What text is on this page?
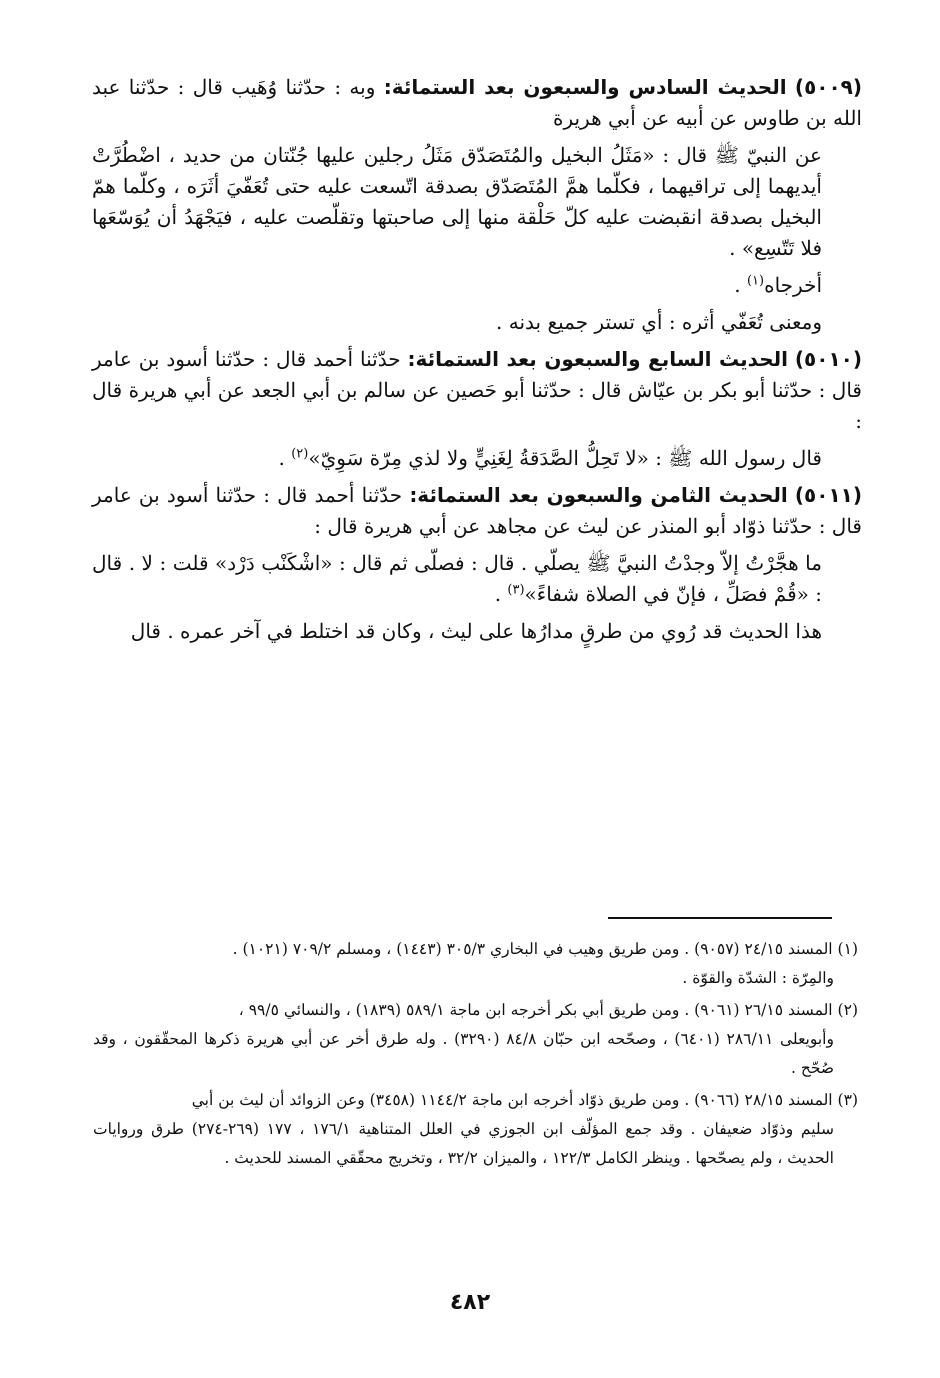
(٥٠٠٩) الحديث السادس والسبعون بعد الستمائة: وبه : حدّثنا وُهَيب قال : حدّثنا عبد الله بن طاوس عن أبيه عن أبي هريرة

عن النبيّ ﷺ قال : «مَثَلُ البخيل والمُتَصَدّق مَثَلُ رجلين عليها جُنّتان من حديد ، اضْطُرَّتْ أيديهما إلى تراقيهما ، فكلّما همَّ المُتَصَدّق بصدقة اتّسعت عليه حتى تُعَفّيَ أثَرَه ، وكلّما همّ البخيل بصدقة انقبضت عليه كلّ حَلْقة منها إلى صاحبتها وتقلّصت عليه ، فيَجْهَدُ أن يُوَسّعَها فلا تَتّسِع» .

أخرجاه$^{(١)}$ .

ومعنى تُعَفّي أثره : أي تستر جميع بدنه .

(٥٠١٠) الحديث السابع والسبعون بعد الستمائة: حدّثنا أحمد قال : حدّثنا أسود بن عامر قال : حدّثنا أبو بكر بن عيّاش قال : حدّثنا أبو حَصين عن سالم بن أبي الجعد عن أبي هريرة قال :

قال رسول الله ﷺ : «لا تَحِلُّ الصَّدَقةُ لِغَنِيٍّ ولا لذي مِرّة سَوِيّ»$^{(٢)}$ .

(٥٠١١) الحديث الثامن والسبعون بعد الستمائة: حدّثنا أحمد قال : حدّثنا أسود بن عامر قال : حدّثنا ذوّاد أبو المنذر عن ليث عن مجاهد عن أبي هريرة قال :

ما هجَّرْتُ إلاّ وجدْتُ النبيَّ ﷺ يصلّي . قال : فصلّى ثم قال : «اشْكَنْب دَرْد» قلت : لا . قال : «قُمْ فصَلِّ ، فإنّ في الصلاة شفاءً»$^{(٣)}$ .

هذا الحديث قد رُوي من طرقٍ مدارُها على ليث ، وكان قد اختلط في آخر عمره . قال

(١) المسند ٢٤/١٥ (٩٠٥٧) . ومن طريق وهيب في البخاري ٣٠٥/٣ (١٤٤٣) ، ومسلم ٧٠٩/٢ (١٠٢١) .
والمِرّة : الشدّة والقوّة .
(٢) المسند ٢٦/١٥ (٩٠٦١) . ومن طريق أبي بكر أخرجه ابن ماجة ٥٨٩/١ (١٨٣٩) ، والنسائي ٩٩/٥ ،
وأبويعلى ٢٨٦/١١ (٦٤٠١) ، وصحّحه ابن حبّان ٨٤/٨ (٣٢٩٠) . وله طرق أخر عن أبي هريرة ذكرها المحقّقون ، وقد صُحّح .
(٣) المسند ٢٨/١٥ (٩٠٦٦) . ومن طريق ذوّاد أخرجه ابن ماجة ١١٤٤/٢ (٣٤٥٨) وعن الزوائد أن ليث بن أبي
سليم وذوّاد ضعيفان . وقد جمع المؤلّف ابن الجوزي في العلل المتناهية ١٧٦/١ ، ١٧٧ (٢٦٩-٢٧٤) طرق وروايات الحديث ، ولم يصحّحها . وينظر الكامل ١٢٢/٣ ، والميزان ٣٢/٢ ، وتخريج محقّقي المسند للحديث .
٤٨٢
